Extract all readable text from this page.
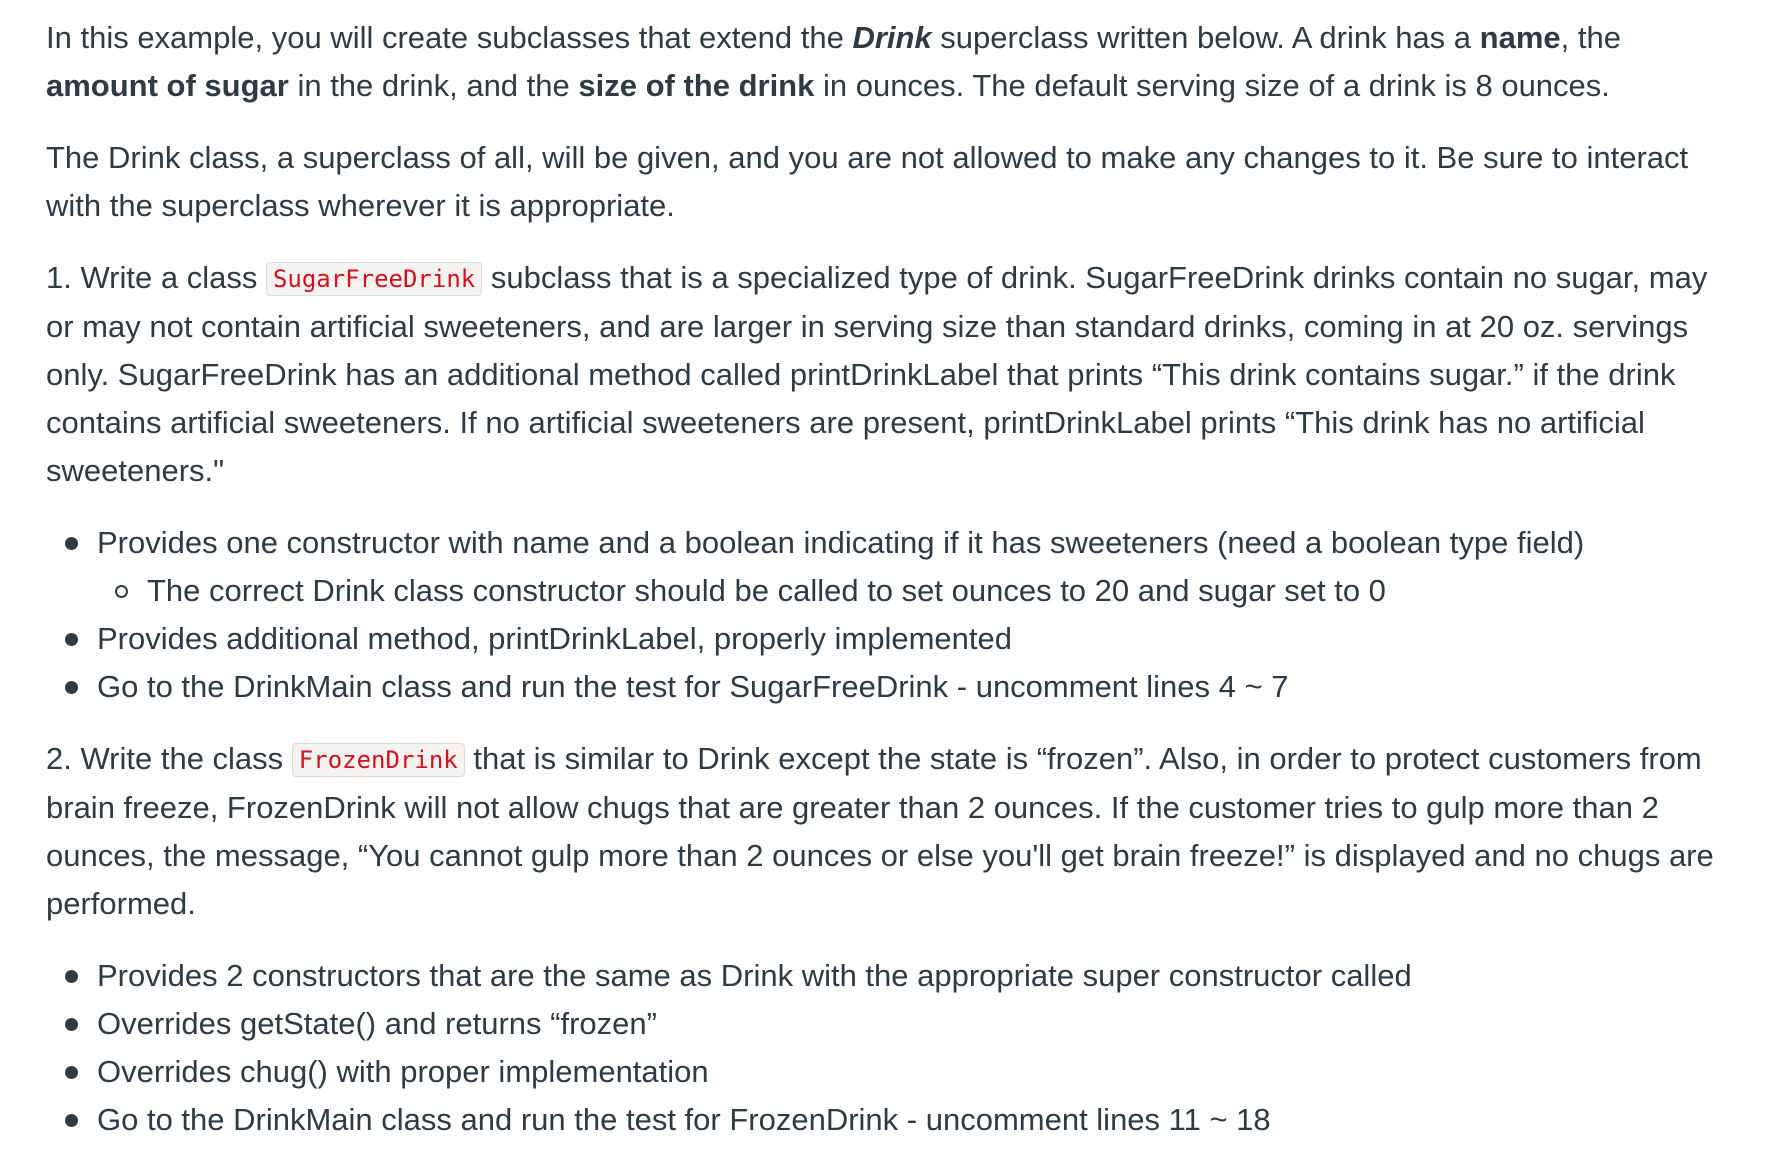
In this example, you will create subclasses that extend the Drink superclass written below. A drink has a name, the amount of sugar in the drink, and the size of the drink in ounces. The default serving size of a drink is 8 ounces.

The Drink class, a superclass of all, will be given, and you are not allowed to make any changes to it. Be sure to interact with the superclass wherever it is appropriate.

1. Write a class SugarFreeDrink subclass that is a specialized type of drink. SugarFreeDrink drinks contain no sugar, may or may not contain artificial sweeteners, and are larger in serving size than standard drinks, coming in at 20 oz. servings only. SugarFreeDrink has an additional method called printDrinkLabel that prints “This drink contains sugar.” if the drink contains artificial sweeteners. If no artificial sweeteners are present, printDrinkLabel prints “This drink has no artificial sweeteners."

Provides one constructor with name and a boolean indicating if it has sweeteners (need a boolean type field)
The correct Drink class constructor should be called to set ounces to 20 and sugar set to 0
Provides additional method, printDrinkLabel, properly implemented
Go to the DrinkMain class and run the test for SugarFreeDrink - uncomment lines 4 ~ 7

2. Write the class FrozenDrink that is similar to Drink except the state is “frozen”. Also, in order to protect customers from brain freeze, FrozenDrink will not allow chugs that are greater than 2 ounces. If the customer tries to gulp more than 2 ounces, the message, “You cannot gulp more than 2 ounces or else you'll get brain freeze!” is displayed and no chugs are performed.

Provides 2 constructors that are the same as Drink with the appropriate super constructor called
Overrides getState() and returns “frozen”
Overrides chug() with proper implementation
Go to the DrinkMain class and run the test for FrozenDrink - uncomment lines 11 ~ 18
